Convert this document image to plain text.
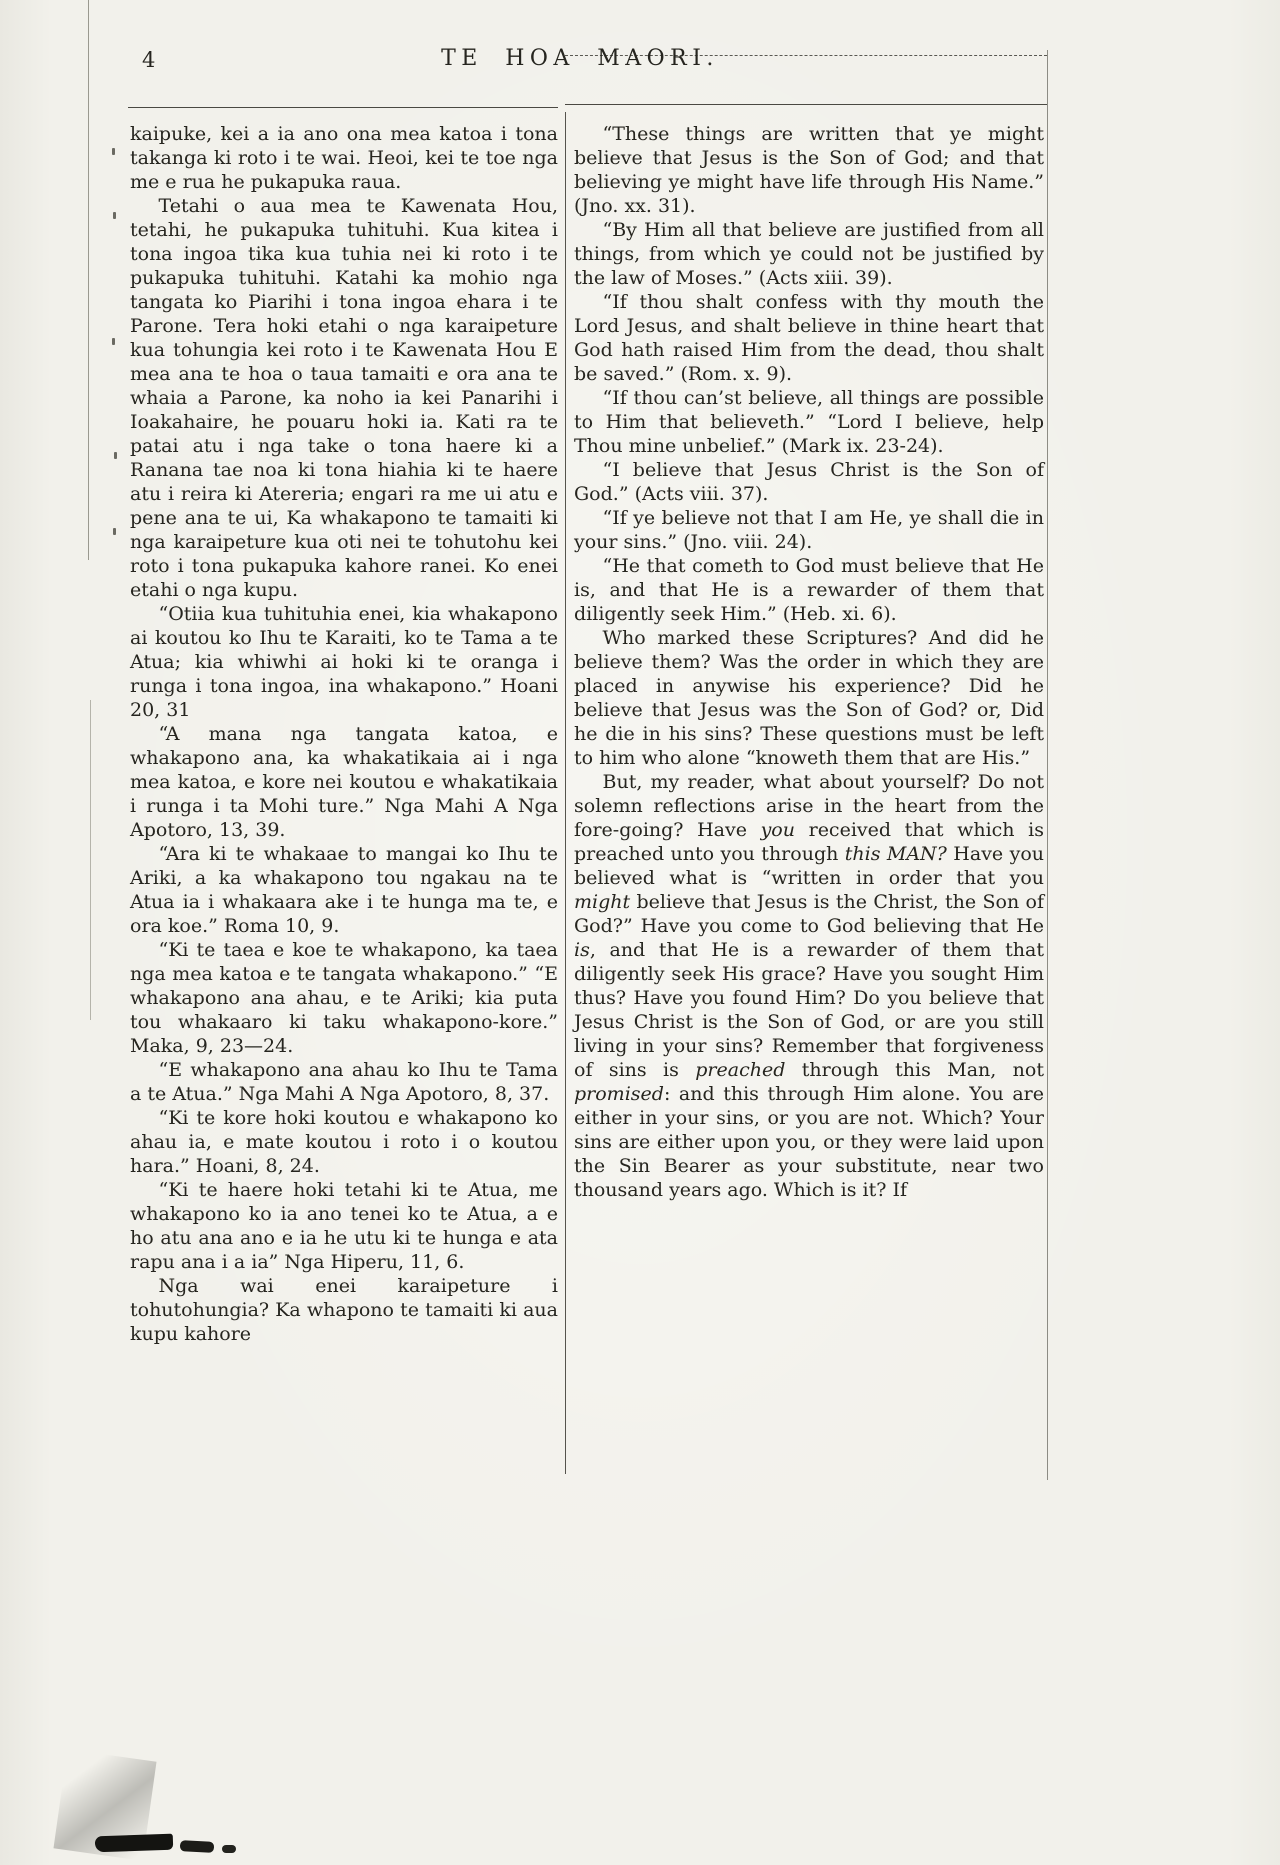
4	TE HOA MAORI.

kaipuke, kei a ia ano ona mea katoa i tona takanga ki roto i te wai. Heoi, kei te toe nga me e rua he pukapuka raua.

Tetahi o aua mea te Kawenata Hou, tetahi, he pukapuka tuhituhi. Kua kitea i tona ingoa tika kua tuhia nei ki roto i te pukapuka tuhituhi. Katahi ka mohio nga tangata ko Piarihi i tona ingoa ehara i te Parone. Tera hoki etahi o nga karaipeture kua tohungia kei roto i te Kawenata Hou E mea ana te hoa o taua tamaiti e ora ana te whaia a Parone, ka noho ia kei Panarihi i Ioakahaire, he pouaru hoki ia. Kati ra te patai atu i nga take o tona haere ki a Ranana tae noa ki tona hiahia ki te haere atu i reira ki Atereria; engari ra me ui atu e pene ana te ui, Ka whakapono te tamaiti ki nga karaipeture kua oti nei te tohutohu kei roto i tona pukapuka kahore ranei. Ko enei etahi o nga kupu.

“Otiia kua tuhituhia enei, kia whakapono ai koutou ko Ihu te Karaiti, ko te Tama a te Atua; kia whiwhi ai hoki ki te oranga i runga i tona ingoa, ina whakapono.” Hoani 20, 31

“A mana nga tangata katoa, e whakapono ana, ka whakatikaia ai i nga mea katoa, e kore nei koutou e whakatikaia i runga i ta Mohi ture.” Nga Mahi A Nga Apotoro, 13, 39.

“Ara ki te whakaae to mangai ko Ihu te Ariki, a ka whakapono tou ngakau na te Atua ia i whakaara ake i te hunga ma te, e ora koe.” Roma 10, 9.

“Ki te taea e koe te whakapono, ka taea nga mea katoa e te tangata whakapono.” “E whakapono ana ahau, e te Ariki; kia puta tou whakaaro ki taku whakapono-kore.” Maka, 9, 23—24.

“E whakapono ana ahau ko Ihu te Tama a te Atua.” Nga Mahi A Nga Apotoro, 8, 37.

“Ki te kore hoki koutou e whakapono ko ahau ia, e mate koutou i roto i o koutou hara.” Hoani, 8, 24.

“Ki te haere hoki tetahi ki te Atua, me whakapono ko ia ano tenei ko te Atua, a e ho atu ana ano e ia he utu ki te hunga e ata rapu ana i a ia” Nga Hiperu, 11, 6.

Nga wai enei karaipeture i tohutohungia? Ka whapono te tamaiti ki aua kupu kahore

“These things are written that ye might believe that Jesus is the Son of God; and that believing ye might have life through His Name.” (Jno. xx. 31).

“By Him all that believe are justified from all things, from which ye could not be justified by the law of Moses.” (Acts xiii. 39).

“If thou shalt confess with thy mouth the Lord Jesus, and shalt believe in thine heart that God hath raised Him from the dead, thou shalt be saved.” (Rom. x. 9).

“If thou can’st believe, all things are possible to Him that believeth.” “Lord I believe, help Thou mine unbelief.” (Mark ix. 23-24).

“I believe that Jesus Christ is the Son of God.” (Acts viii. 37).

“If ye believe not that I am He, ye shall die in your sins.” (Jno. viii. 24).

“He that cometh to God must believe that He is, and that He is a rewarder of them that diligently seek Him.” (Heb. xi. 6).

Who marked these Scriptures? And did he believe them? Was the order in which they are placed in anywise his experience? Did he believe that Jesus was the Son of God? or, Did he die in his sins? These questions must be left to him who alone “knoweth them that are His.”

But, my reader, what about yourself? Do not solemn reflections arise in the heart from the fore-going? Have you received that which is preached unto you through this MAN? Have you believed what is “written in order that you might believe that Jesus is the Christ, the Son of God?” Have you come to God believing that He is, and that He is a rewarder of them that diligently seek His grace? Have you sought Him thus? Have you found Him? Do you believe that Jesus Christ is the Son of God, or are you still living in your sins? Remember that forgiveness of sins is preached through this Man, not promised: and this through Him alone. You are either in your sins, or you are not. Which? Your sins are either upon you, or they were laid upon the Sin Bearer as your substitute, near two thousand years ago. Which is it? If
